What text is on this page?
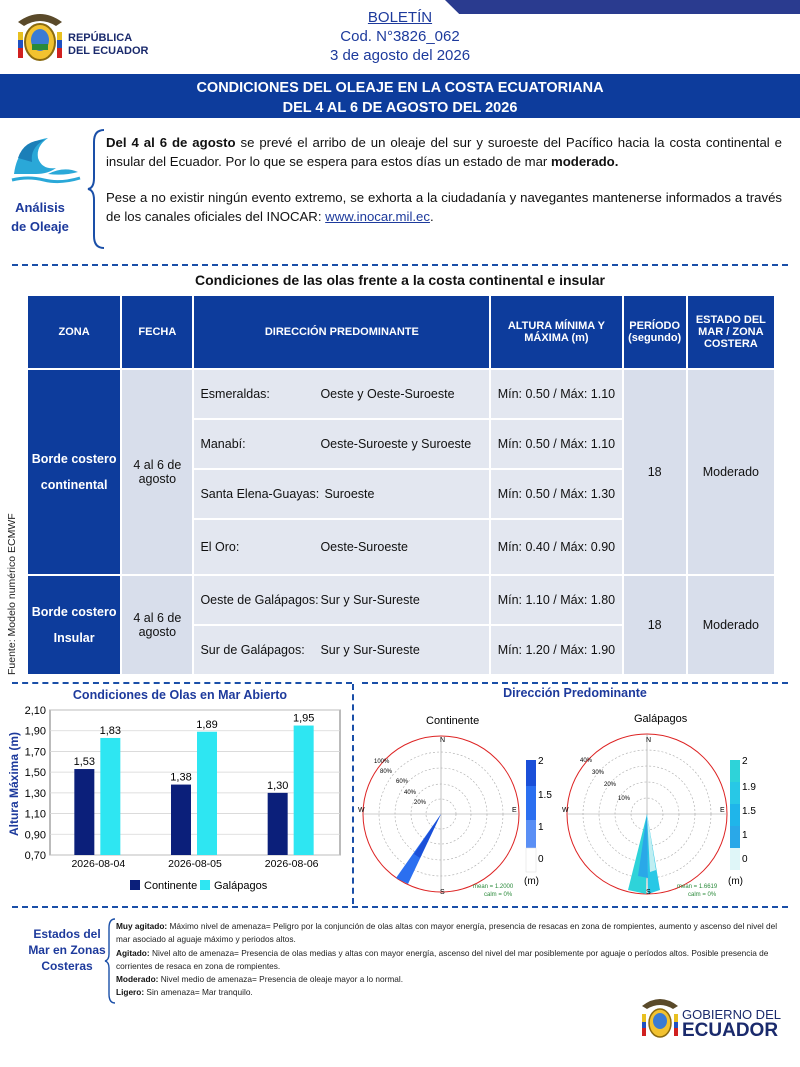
REPÚBLICA
DEL ECUADOR
BOLETÍN
Cod. N°3826_062
3 de agosto del 2026
CONDICIONES DEL OLEAJE EN LA COSTA ECUATORIANA
DEL 4 AL 6 DE AGOSTO DEL 2026
Análisis
de Oleaje

Del 4 al 6 de agosto se prevé el arribo de un oleaje del sur y suroeste del Pacífico hacia la costa continental e insular del Ecuador. Por lo que se espera para estos días un estado de mar moderado.

Pese a no existir ningún evento extremo, se exhorta a la ciudadanía y navegantes mantenerse informados a través de los canales oficiales del INOCAR: www.inocar.mil.ec.

Condiciones de las olas frente a la costa continental e insular
ZONA	FECHA	DIRECCIÓN PREDOMINANTE	ALTURA MÍNIMA Y MÁXIMA (m)	PERÍODO (segundo)	ESTADO DEL MAR / ZONA COSTERA
Borde costero continental	4 al 6 de agosto	Esmeraldas: Oeste y Oeste-Suroeste	Mín: 0.50 / Máx: 1.10	18	Moderado
		Manabí: Oeste-Suroeste y Suroeste	Mín: 0.50 / Máx: 1.10		
		Santa Elena-Guayas: Suroeste	Mín: 0.50 / Máx: 1.30		
		El Oro: Oeste-Suroeste	Mín: 0.40 / Máx: 0.90		
Borde costero Insular	4 al 6 de agosto	Oeste de Galápagos: Sur y Sur-Sureste	Mín: 1.10 / Máx: 1.80	18	Moderado
		Sur de Galápagos: Sur y Sur-Sureste	Mín: 1.20 / Máx: 1.90		
Fuente: Modelo numérico ECMWF
Condiciones de Olas en Mar Abierto
1,53
1,83
1,38
1,89
1,30
1,95
2,10
1,90
1,70
1,50
1,30
1,10
0,90
0,70
2026-08-04	2026-08-05	2026-08-06
Altura Máxima (m)
Continente Galápagos
Dirección Predominante
Continente
N
E
S
W
100%
80%
60%
40%
20%
mean = 1.2000
calm = 0%
2
1.5
1
0
(m)
Galápagos
N
E
S
W
40%
30%
20%
10%
mean = 1.6619
calm = 0%
2
1.9
1.5
1
0
(m)
Estados del
Mar en Zonas
Costeras

Muy agitado: Máximo nivel de amenaza= Peligro por la conjunción de olas altas con mayor energía, presencia de resacas en zona de rompientes, aumento y ascenso del nivel del mar asociado al aguaje máximo y periodos altos.

Agitado: Nivel alto de amenaza= Presencia de olas medias y altas con mayor energía, ascenso del nivel del mar posiblemente por aguaje o períodos altos. Posible presencia de corrientes de resaca en zona de rompientes.

Moderado: Nivel medio de amenaza= Presencia de oleaje mayor a lo normal.

Ligero: Sin amenaza= Mar tranquilo.

GOBIERNO DEL
ECUADOR
